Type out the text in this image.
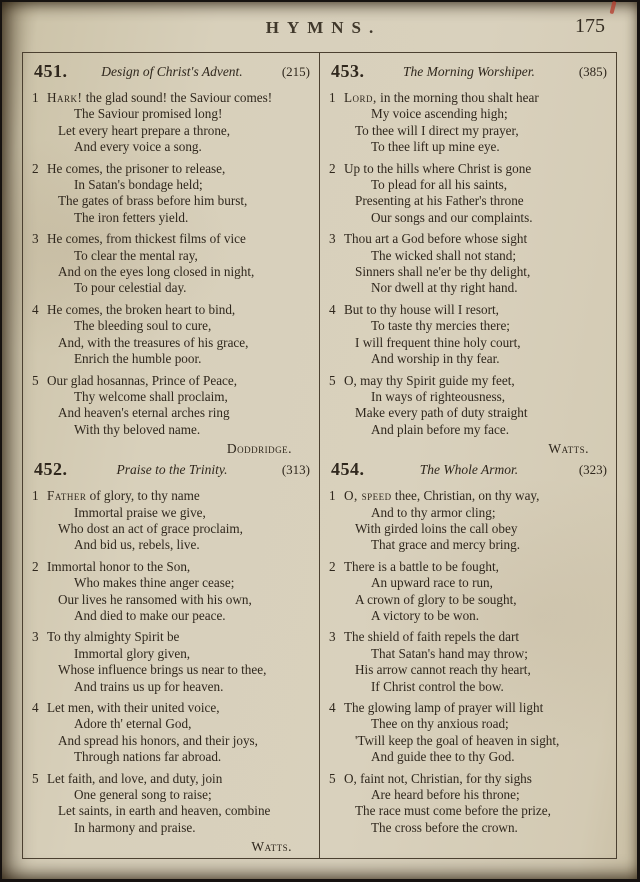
HYMNS.	175
451.	Design of Christ's Advent.	(215)
1 Hark! the glad sound! the Saviour comes!
The Saviour promised long!
Let every heart prepare a throne,
And every voice a song.
2 He comes, the prisoner to release,
In Satan's bondage held;
The gates of brass before him burst,
The iron fetters yield.
3 He comes, from thickest films of vice
To clear the mental ray,
And on the eyes long closed in night,
To pour celestial day.
4 He comes, the broken heart to bind,
The bleeding soul to cure,
And, with the treasures of his grace,
Enrich the humble poor.
5 Our glad hosannas, Prince of Peace,
Thy welcome shall proclaim,
And heaven's eternal arches ring
With thy beloved name.
Doddridge.
452.	Praise to the Trinity.	(313)
1 Father of glory, to thy name
Immortal praise we give,
Who dost an act of grace proclaim,
And bid us, rebels, live.
2 Immortal honor to the Son,
Who makes thine anger cease;
Our lives he ransomed with his own,
And died to make our peace.
3 To thy almighty Spirit be
Immortal glory given,
Whose influence brings us near to thee,
And trains us up for heaven.
4 Let men, with their united voice,
Adore th' eternal God,
And spread his honors, and their joys,
Through nations far abroad.
5 Let faith, and love, and duty, join
One general song to raise;
Let saints, in earth and heaven, combine
In harmony and praise.
Watts.
453.	The Morning Worshiper.	(385)
1 Lord, in the morning thou shalt hear
My voice ascending high;
To thee will I direct my prayer,
To thee lift up mine eye.
2 Up to the hills where Christ is gone
To plead for all his saints,
Presenting at his Father's throne
Our songs and our complaints.
3 Thou art a God before whose sight
The wicked shall not stand;
Sinners shall ne'er be thy delight,
Nor dwell at thy right hand.
4 But to thy house will I resort,
To taste thy mercies there;
I will frequent thine holy court,
And worship in thy fear.
5 O, may thy Spirit guide my feet,
In ways of righteousness,
Make every path of duty straight
And plain before my face.
Watts.
454.	The Whole Armor.	(323)
1 O, speed thee, Christian, on thy way,
And to thy armor cling;
With girded loins the call obey
That grace and mercy bring.
2 There is a battle to be fought,
An upward race to run,
A crown of glory to be sought,
A victory to be won.
3 The shield of faith repels the dart
That Satan's hand may throw;
His arrow cannot reach thy heart,
If Christ control the bow.
4 The glowing lamp of prayer will light
Thee on thy anxious road;
'Twill keep the goal of heaven in sight,
And guide thee to thy God.
5 O, faint not, Christian, for thy sighs
Are heard before his throne;
The race must come before the prize,
The cross before the crown.
